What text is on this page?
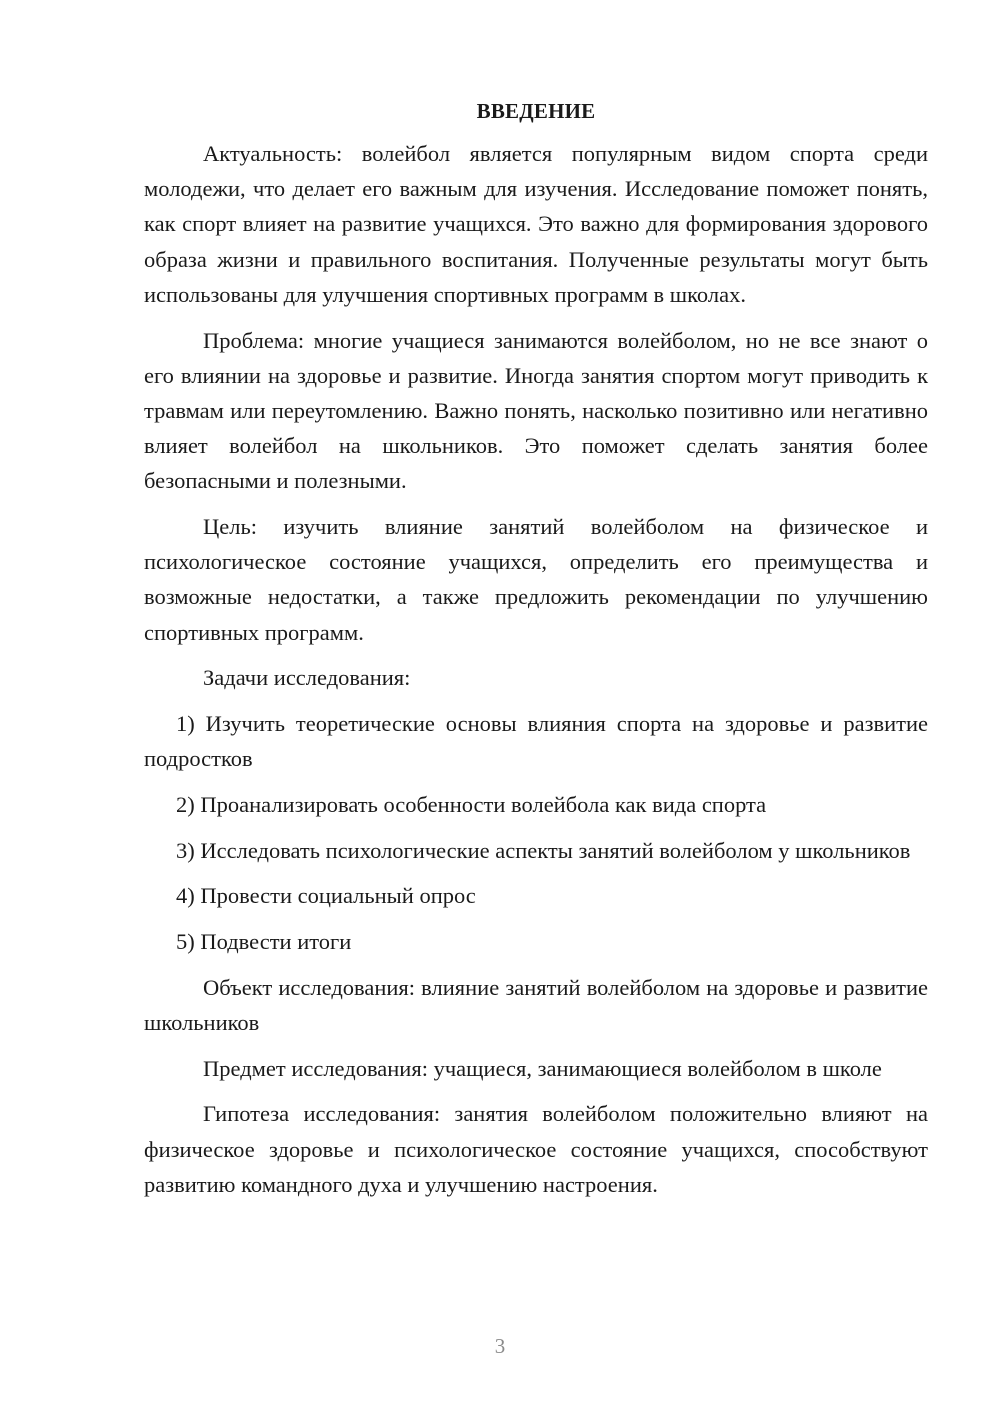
ВВЕДЕНИЕ

Актуальность: волейбол является популярным видом спорта среди молодежи, что делает его важным для изучения. Исследование поможет понять, как спорт влияет на развитие учащихся. Это важно для формирования здорового образа жизни и правильного воспитания. Полученные результаты могут быть использованы для улучшения спортивных программ в школах.

Проблема: многие учащиеся занимаются волейболом, но не все знают о его влиянии на здоровье и развитие. Иногда занятия спортом могут приводить к травмам или переутомлению. Важно понять, насколько позитивно или негативно влияет волейбол на школьников. Это поможет сделать занятия более безопасными и полезными.

Цель: изучить влияние занятий волейболом на физическое и психологическое состояние учащихся, определить его преимущества и возможные недостатки, а также предложить рекомендации по улучшению спортивных программ.

Задачи исследования:

1) Изучить теоретические основы влияния спорта на здоровье и развитие подростков

2) Проанализировать особенности волейбола как вида спорта

3) Исследовать психологические аспекты занятий волейболом у школьников

4) Провести социальный опрос

5) Подвести итоги

Объект исследования: влияние занятий волейболом на здоровье и развитие школьников

Предмет исследования: учащиеся, занимающиеся волейболом в школе

Гипотеза исследования: занятия волейболом положительно влияют на физическое здоровье и психологическое состояние учащихся, способствуют развитию командного духа и улучшению настроения.

3
